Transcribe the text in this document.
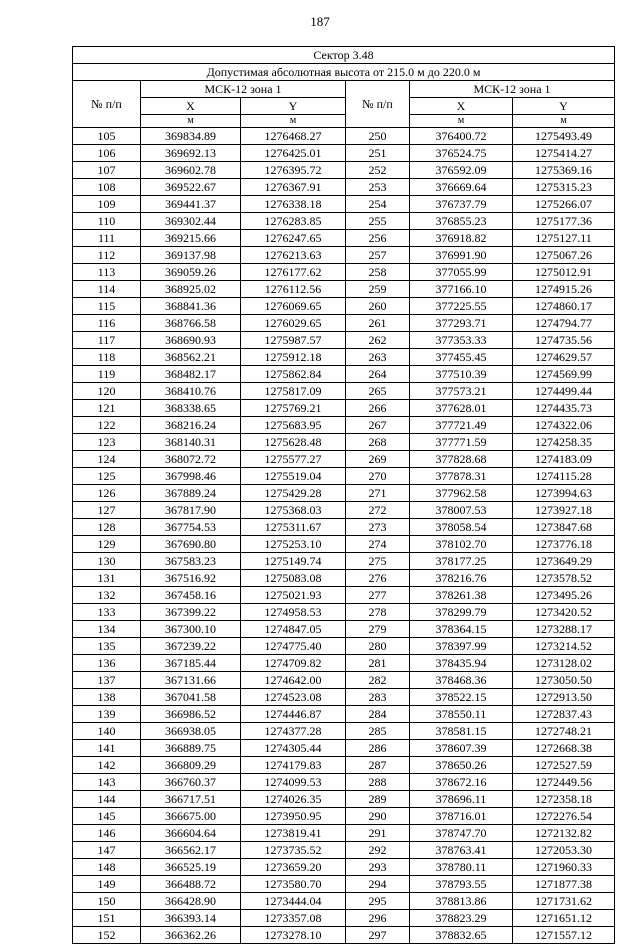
187
Сектор 3.48					
Допустимая абсолютная высота от 215.0 м до 220.0 м					
№ п/п	МСК-12 зона 1		№ п/п	МСК-12 зона 1	
	X	Y		X	Y
	м	м		м	м
105	369834.89	1276468.27	250	376400.72	1275493.49
106	369692.13	1276425.01	251	376524.75	1275414.27
107	369602.78	1276395.72	252	376592.09	1275369.16
108	369522.67	1276367.91	253	376669.64	1275315.23
109	369441.37	1276338.18	254	376737.79	1275266.07
110	369302.44	1276283.85	255	376855.23	1275177.36
111	369215.66	1276247.65	256	376918.82	1275127.11
112	369137.98	1276213.63	257	376991.90	1275067.26
113	369059.26	1276177.62	258	377055.99	1275012.91
114	368925.02	1276112.56	259	377166.10	1274915.26
115	368841.36	1276069.65	260	377225.55	1274860.17
116	368766.58	1276029.65	261	377293.71	1274794.77
117	368690.93	1275987.57	262	377353.33	1274735.56
118	368562.21	1275912.18	263	377455.45	1274629.57
119	368482.17	1275862.84	264	377510.39	1274569.99
120	368410.76	1275817.09	265	377573.21	1274499.44
121	368338.65	1275769.21	266	377628.01	1274435.73
122	368216.24	1275683.95	267	377721.49	1274322.06
123	368140.31	1275628.48	268	377771.59	1274258.35
124	368072.72	1275577.27	269	377828.68	1274183.09
125	367998.46	1275519.04	270	377878.31	1274115.28
126	367889.24	1275429.28	271	377962.58	1273994.63
127	367817.90	1275368.03	272	378007.53	1273927.18
128	367754.53	1275311.67	273	378058.54	1273847.68
129	367690.80	1275253.10	274	378102.70	1273776.18
130	367583.23	1275149.74	275	378177.25	1273649.29
131	367516.92	1275083.08	276	378216.76	1273578.52
132	367458.16	1275021.93	277	378261.38	1273495.26
133	367399.22	1274958.53	278	378299.79	1273420.52
134	367300.10	1274847.05	279	378364.15	1273288.17
135	367239.22	1274775.40	280	378397.99	1273214.52
136	367185.44	1274709.82	281	378435.94	1273128.02
137	367131.66	1274642.00	282	378468.36	1273050.50
138	367041.58	1274523.08	283	378522.15	1272913.50
139	366986.52	1274446.87	284	378550.11	1272837.43
140	366938.05	1274377.28	285	378581.15	1272748.21
141	366889.75	1274305.44	286	378607.39	1272668.38
142	366809.29	1274179.83	287	378650.26	1272527.59
143	366760.37	1274099.53	288	378672.16	1272449.56
144	366717.51	1274026.35	289	378696.11	1272358.18
145	366675.00	1273950.95	290	378716.01	1272276.54
146	366604.64	1273819.41	291	378747.70	1272132.82
147	366562.17	1273735.52	292	378763.41	1272053.30
148	366525.19	1273659.20	293	378780.11	1271960.33
149	366488.72	1273580.70	294	378793.55	1271877.38
150	366428.90	1273444.04	295	378813.86	1271731.62
151	366393.14	1273357.08	296	378823.29	1271651.12
152	366362.26	1273278.10	297	378832.65	1271557.12
